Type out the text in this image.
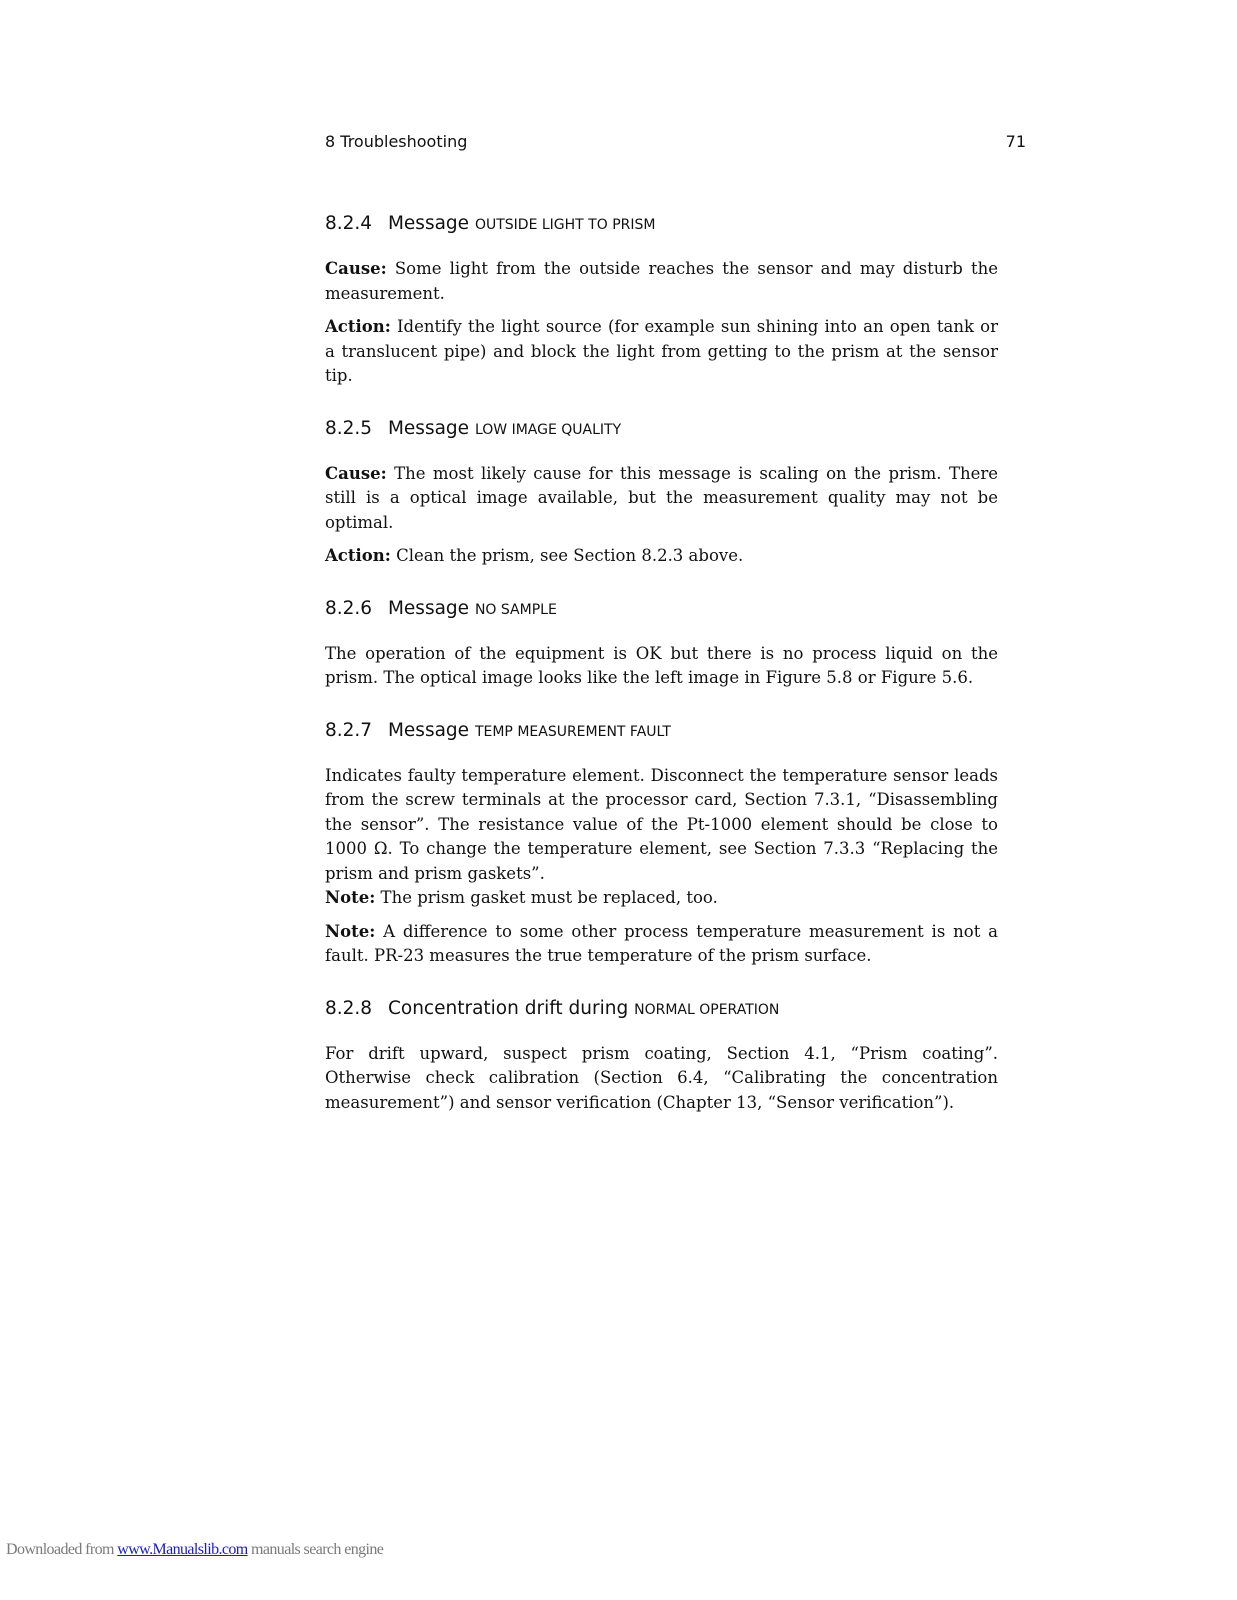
8 Troubleshooting	71
8.2.4 Message OUTSIDE LIGHT TO PRISM

Cause: Some light from the outside reaches the sensor and may disturb the measurement.

Action: Identify the light source (for example sun shining into an open tank or a translucent pipe) and block the light from getting to the prism at the sensor tip.

8.2.5 Message LOW IMAGE QUALITY

Cause: The most likely cause for this message is scaling on the prism. There still is a optical image available, but the measurement quality may not be optimal.

Action: Clean the prism, see Section 8.2.3 above.

8.2.6 Message NO SAMPLE

The operation of the equipment is OK but there is no process liquid on the prism. The optical image looks like the left image in Figure 5.8 or Figure 5.6.

8.2.7 Message TEMP MEASUREMENT FAULT

Indicates faulty temperature element. Disconnect the temperature sensor leads from the screw terminals at the processor card, Section 7.3.1, “Disassembling the sensor”. The resistance value of the Pt-1000 element should be close to 1000 Ω. To change the temperature element, see Section 7.3.3 “Replacing the prism and prism gaskets”.
Note: The prism gasket must be replaced, too.

Note: A difference to some other process temperature measurement is not a fault. PR-23 measures the true temperature of the prism surface.

8.2.8 Concentration drift during NORMAL OPERATION

For drift upward, suspect prism coating, Section 4.1, “Prism coating”. Otherwise check calibration (Section 6.4, “Calibrating the concentration measurement”) and sensor verification (Chapter 13, “Sensor verification”).

Downloaded from www.Manualslib.com manuals search engine
